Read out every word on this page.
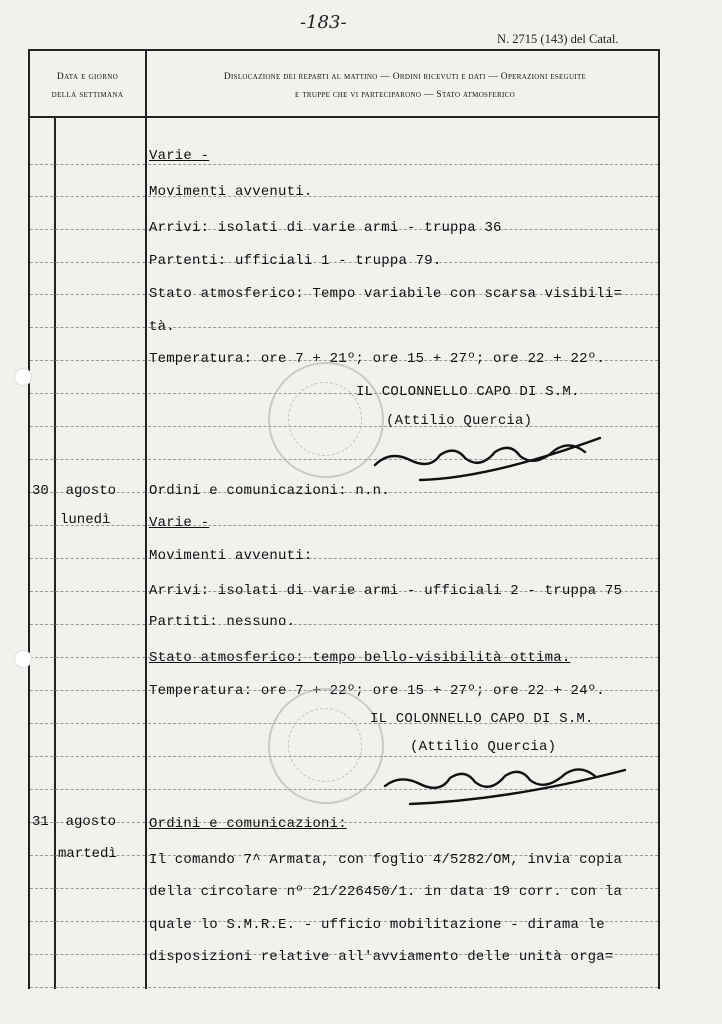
-183-
N. 2715 (143) del Catal.
Data e giorno
della settimana
Dislocazione dei reparti al mattino — Ordini ricevuti e dati — Operazioni eseguite
e truppe che vi parteciparono — Stato atmosferico
Varie -
Movimenti avvenuti.
Arrivi: isolati di varie armi - truppa 36
Partenti: ufficiali 1 - truppa 79.
Stato atmosferico: Tempo variabile con scarsa visibili=
tà.
Temperatura: ore 7 + 21º; ore 15 + 27º; ore 22 + 22º.
IL COLONNELLO CAPO DI S.M.
(Attilio Quercia)
30  agosto
lunedì
Ordini e comunicazioni: n.n.
Varie -
Movimenti avvenuti:
Arrivi: isolati di varie armi - ufficiali 2 - truppa 75
Partiti: nessuno.
Stato atmosferico: tempo bello-visibilità ottima.
Temperatura: ore 7 + 22º; ore 15 + 27º; ore 22 + 24º.
IL COLONNELLO CAPO DI S.M.
(Attilio Quercia)
31  agosto
martedì
Ordini e comunicazioni:
Il comando 7^ Armata, con foglio 4/5282/OM, invia copia
della circolare nº 21/226450/1. in data 19 corr. con la
quale lo S.M.R.E. - ufficio mobilitazione - dirama le
disposizioni relative all'avviamento delle unità orga=
